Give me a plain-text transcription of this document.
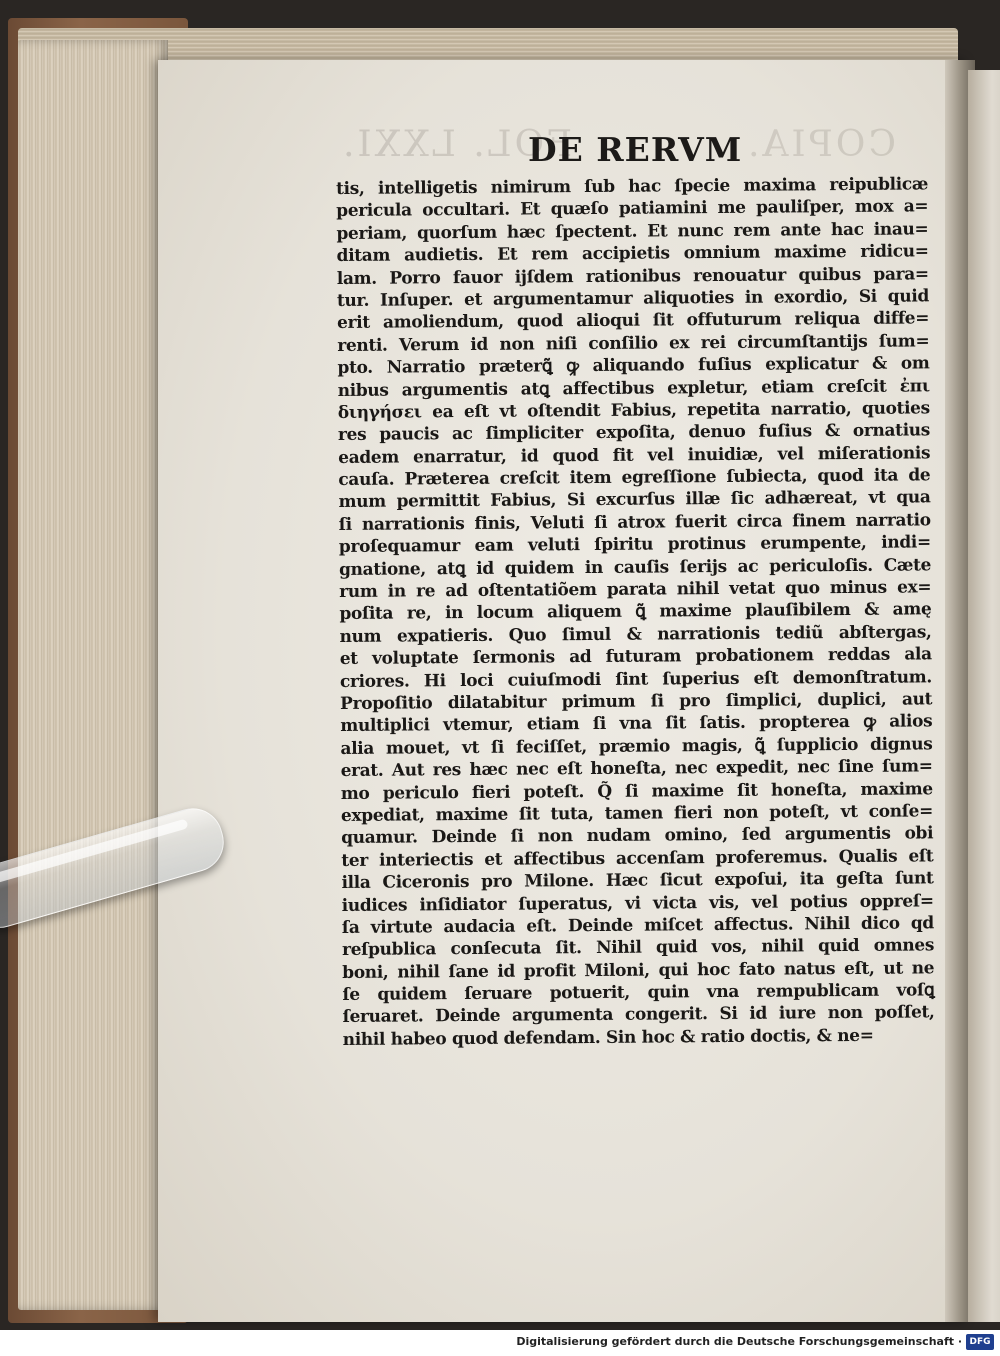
FOL. LXXI.	COPIA.
DE RERVM
tis, intelligetis nimirum ſub hac ſpecie maxima reipublicæ
pericula occultari. Et quæſo patiamini me pauliſper, mox a=
periam, quorſum hæc ſpectent. Et nunc rem ante hac inau=
ditam audietis. Et rem accipietis omnium maxime ridicu=
lam. Porro fauor ijſdem rationibus renouatur quibus para=
tur. Inſuper. et argumentamur aliquoties in exordio, Si quid
erit amoliendum, quod alioqui ſit offuturum reliqua diffe=
renti. Verum id non niſi conſilio ex rei circumſtantijs ſum=
pto. Narratio præterꝗ̃ ꝙ aliquando fuſius explicatur & om
nibus argumentis atꝗ affectibus expletur, etiam creſcit ἐπι
διηγήσει ea eſt vt oſtendit Fabius, repetita narratio, quoties
res paucis ac ſimpliciter expoſita, denuo fuſius & ornatius
eadem enarratur, id quod fit vel inuidiæ, vel miſerationis
cauſa. Præterea creſcit item egreſſione ſubiecta, quod ita de
mum permittit Fabius, Si excurſus illæ ſic adhæreat, vt qua
ſi narrationis finis, Veluti ſi atrox fuerit circa finem narratio
proſequamur eam veluti ſpiritu protinus erumpente, indi=
gnatione, atꝗ id quidem in cauſis ſerijs ac periculoſis. Cæte
rum in re ad oſtentatiõem parata nihil vetat quo minus ex=
poſita re, in locum aliquem ꝗ̃ maxime plauſibilem & amę
num expatieris. Quo ſimul & narrationis tediũ abſtergas,
et voluptate ſermonis ad futuram probationem reddas ala
criores. Hi loci cuiuſmodi ſint ſuperius eſt demonſtratum.
Propoſitio dilatabitur primum ſi pro ſimplici, duplici, aut
multiplici vtemur, etiam ſi vna ſit ſatis. propterea ꝙ alios
alia mouet, vt ſi feciſſet, præmio magis, ꝗ̃ ſupplicio dignus
erat. Aut res hæc nec eſt honeſta, nec expedit, nec ſine ſum=
mo periculo fieri poteſt. Q̃ ſi maxime ſit honeſta, maxime
expediat, maxime ſit tuta, tamen fieri non poteſt, vt conſe=
quamur. Deinde ſi non nudam omino, ſed argumentis obi
ter interiectis et affectibus accenſam proferemus. Qualis eſt
illa Ciceronis pro Milone. Hæc ſicut expoſui, ita geſta ſunt
iudices inſidiator ſuperatus, vi victa vis, vel potius oppreſ=
ſa virtute audacia eſt. Deinde miſcet affectus. Nihil dico qd
reſpublica conſecuta ſit. Nihil quid vos, nihil quid omnes
boni, nihil ſane id profit Miloni, qui hoc fato natus eſt, ut ne
ſe quidem ſeruare potuerit, quin vna rempublicam voſꝗ
ſeruaret. Deinde argumenta congerit. Si id iure non poſſet,
nihil habeo quod defendam. Sin hoc & ratio doctis, & ne=
Digitalisierung gefördert durch die Deutsche Forschungsgemeinschaft · DFG
